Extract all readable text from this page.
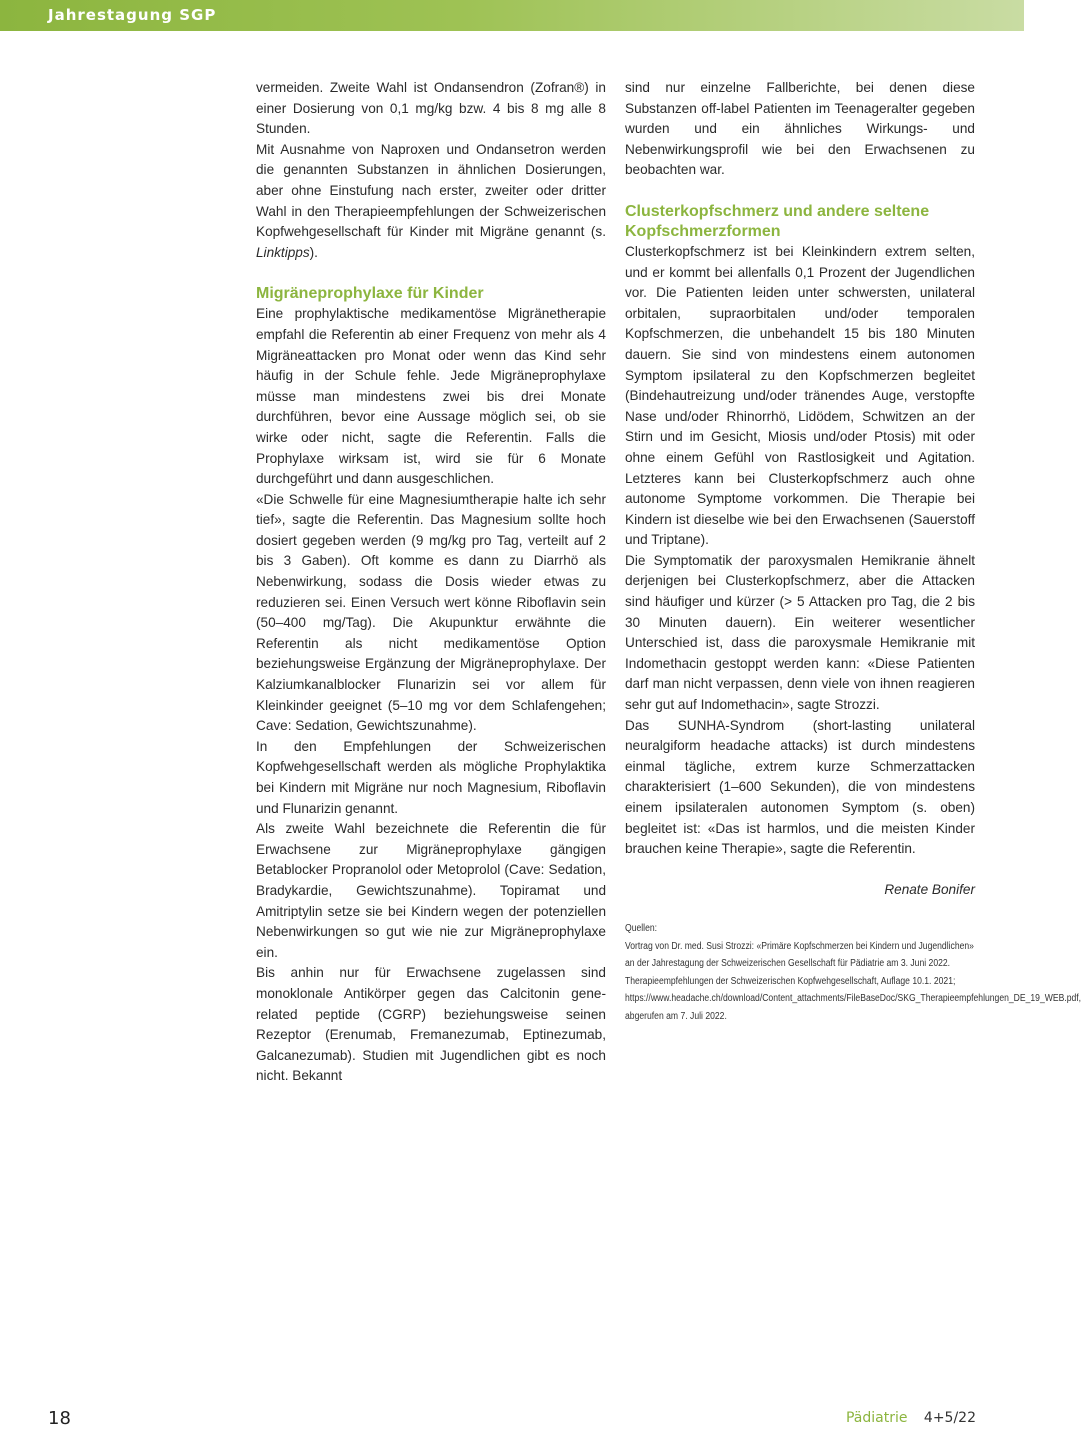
Jahrestagung SGP

vermeiden. Zweite Wahl ist Ondansendron (Zofran®) in einer Dosierung von 0,1 mg/kg bzw. 4 bis 8 mg alle 8 Stunden.

Mit Ausnahme von Naproxen und Ondansetron werden die genannten Substanzen in ähnlichen Dosierungen, aber ohne Einstufung nach erster, zweiter oder dritter Wahl in den Therapieempfehlungen der Schweizerischen Kopfwehgesellschaft für Kinder mit Migräne genannt (s. Linktipps).

Migräneprophylaxe für Kinder

Eine prophylaktische medikamentöse Migränetherapie empfahl die Referentin ab einer Frequenz von mehr als 4 Migräneattacken pro Monat oder wenn das Kind sehr häufig in der Schule fehle. Jede Migräneprophylaxe müsse man mindestens zwei bis drei Monate durchführen, bevor eine Aussage möglich sei, ob sie wirke oder nicht, sagte die Referentin. Falls die Prophylaxe wirksam ist, wird sie für 6 Monate durchgeführt und dann ausgeschlichen.

«Die Schwelle für eine Magnesiumtherapie halte ich sehr tief», sagte die Referentin. Das Magnesium sollte hoch dosiert gegeben werden (9 mg/kg pro Tag, verteilt auf 2 bis 3 Gaben). Oft komme es dann zu Diarrhö als Nebenwirkung, sodass die Dosis wieder etwas zu reduzieren sei. Einen Versuch wert könne Riboflavin sein (50–400 mg/Tag). Die Akupunktur erwähnte die Referentin als nicht medikamentöse Option beziehungsweise Ergänzung der Migräneprophylaxe. Der Kalziumkanalblocker Flunarizin sei vor allem für Kleinkinder geeignet (5–10 mg vor dem Schlafengehen; Cave: Sedation, Gewichtszunahme).

In den Empfehlungen der Schweizerischen Kopfwehgesellschaft werden als mögliche Prophylaktika bei Kindern mit Migräne nur noch Magnesium, Riboflavin und Flunarizin genannt.

Als zweite Wahl bezeichnete die Referentin die für Erwachsene zur Migräneprophylaxe gängigen Betablocker Propranolol oder Metoprolol (Cave: Sedation, Bradykardie, Gewichtszunahme). Topiramat und Amitriptylin setze sie bei Kindern wegen der potenziellen Nebenwirkungen so gut wie nie zur Migräneprophylaxe ein.

Bis anhin nur für Erwachsene zugelassen sind monoklonale Antikörper gegen das Calcitonin gene-related peptide (CGRP) beziehungsweise seinen Rezeptor (Erenumab, Fremanezumab, Eptinezumab, Galcanezumab). Studien mit Jugendlichen gibt es noch nicht. Bekannt

sind nur einzelne Fallberichte, bei denen diese Substanzen off-label Patienten im Teenageralter gegeben wurden und ein ähnliches Wirkungs- und Nebenwirkungsprofil wie bei den Erwachsenen zu beobachten war.

Clusterkopfschmerz und andere seltene Kopfschmerzformen

Clusterkopfschmerz ist bei Kleinkindern extrem selten, und er kommt bei allenfalls 0,1 Prozent der Jugendlichen vor. Die Patienten leiden unter schwersten, unilateral orbitalen, supraorbitalen und/oder temporalen Kopfschmerzen, die unbehandelt 15 bis 180 Minuten dauern. Sie sind von mindestens einem autonomen Symptom ipsilateral zu den Kopfschmerzen begleitet (Bindehautreizung und/oder tränendes Auge, verstopfte Nase und/oder Rhinorrhö, Lidödem, Schwitzen an der Stirn und im Gesicht, Miosis und/oder Ptosis) mit oder ohne einem Gefühl von Rastlosigkeit und Agitation. Letzteres kann bei Clusterkopfschmerz auch ohne autonome Symptome vorkommen. Die Therapie bei Kindern ist dieselbe wie bei den Erwachsenen (Sauerstoff und Triptane).

Die Symptomatik der paroxysmalen Hemikranie ähnelt derjenigen bei Clusterkopfschmerz, aber die Attacken sind häufiger und kürzer (> 5 Attacken pro Tag, die 2 bis 30 Minuten dauern). Ein weiterer wesentlicher Unterschied ist, dass die paroxysmale Hemikranie mit Indomethacin gestoppt werden kann: «Diese Patienten darf man nicht verpassen, denn viele von ihnen reagieren sehr gut auf Indomethacin», sagte Strozzi.

Das SUNHA-Syndrom (short-lasting unilateral neuralgiform headache attacks) ist durch mindestens einmal tägliche, extrem kurze Schmerzattacken charakterisiert (1–600 Sekunden), die von mindestens einem ipsilateralen autonomen Symptom (s. oben) begleitet ist: «Das ist harmlos, und die meisten Kinder brauchen keine Therapie», sagte die Referentin.

Renate Bonifer

Quellen:
Vortrag von Dr. med. Susi Strozzi: «Primäre Kopfschmerzen bei Kindern und Jugendlichen» an der Jahrestagung der Schweizerischen Gesellschaft für Pädiatrie am 3. Juni 2022.
Therapieempfehlungen der Schweizerischen Kopfwehgesellschaft, Auflage 10.1. 2021; https://www.headache.ch/download/Content_attachments/FileBaseDoc/SKG_Therapieempfehlungen_DE_19_WEB.pdf, abgerufen am 7. Juli 2022.
18	Pädiatrie 4+5/22
